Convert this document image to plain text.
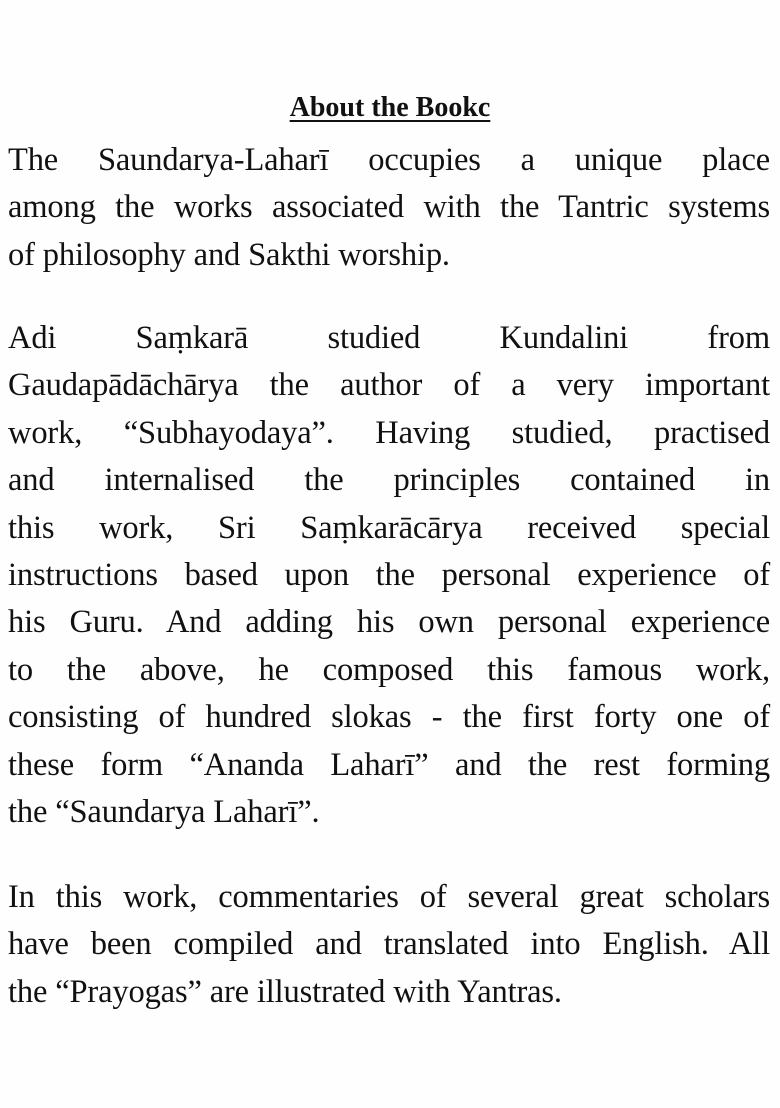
About the Bookc
The Saundarya-Laharī occupies a unique place
among the works associated with the Tantric systems
of philosophy and Sakthi worship.
Adi Saṃkarā studied Kundalini from
Gaudapādāchārya the author of a very important
work, “Subhayodaya”. Having studied, practised
and internalised the principles contained in
this work, Sri Saṃkarācārya received special
instructions based upon the personal experience of
his Guru. And adding his own personal experience
to the above, he composed this famous work,
consisting of hundred slokas - the first forty one of
these form “Ananda Laharī” and the rest forming
the “Saundarya Laharī”.
In this work, commentaries of several great scholars
have been compiled and translated into English. All
the “Prayogas” are illustrated with Yantras.
